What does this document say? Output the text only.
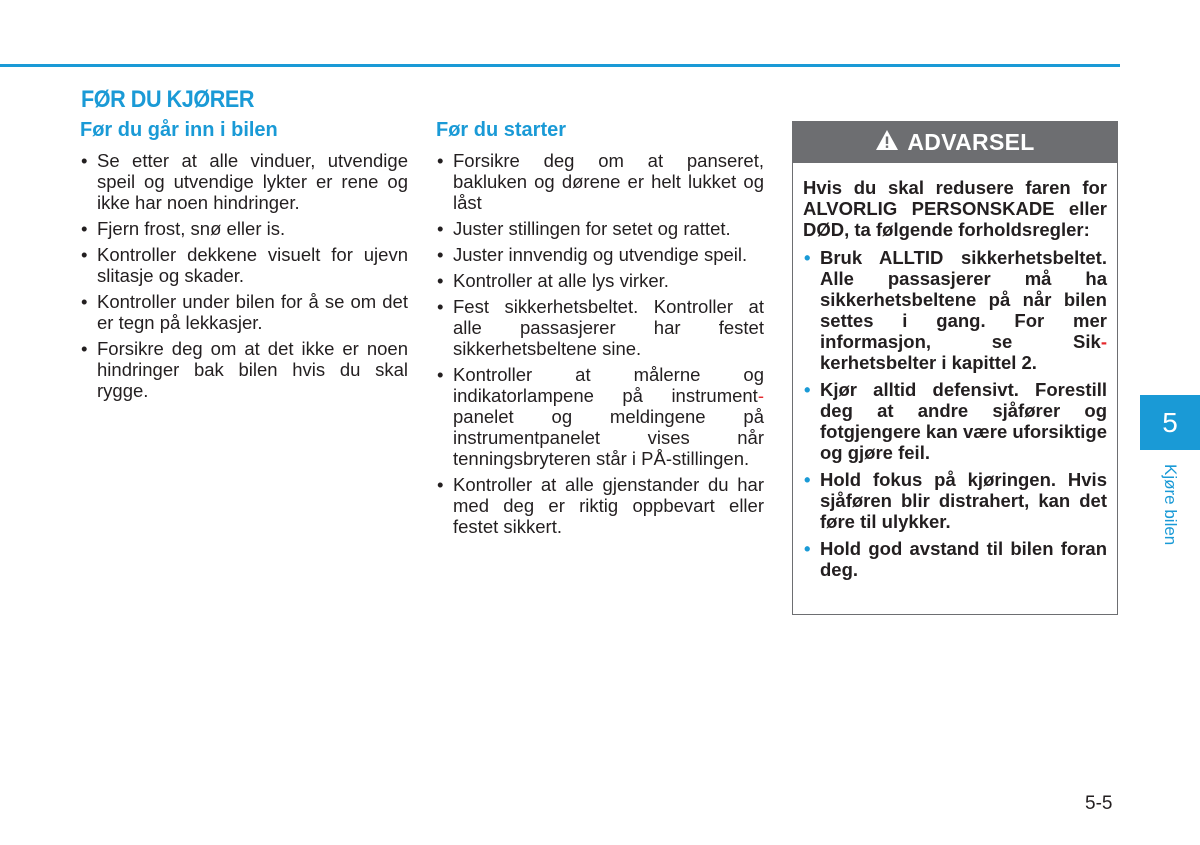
FØR DU KJØRER
Før du går inn i bilen
• Se etter at alle vinduer, utvendige speil og utvendige lykter er rene og ikke har noen hindringer.
• Fjern frost, snø eller is.
• Kontroller dekkene visuelt for ujevn slitasje og skader.
• Kontroller under bilen for å se om det er tegn på lekkasjer.
• Forsikre deg om at det ikke er noen hindringer bak bilen hvis du skal rygge.
Før du starter
• Forsikre deg om at panseret, bakluken og dørene er helt lukket og låst
• Juster stillingen for setet og rattet.
• Juster innvendig og utvendige speil.
• Kontroller at alle lys virker.
• Fest sikkerhetsbeltet. Kontroller at alle passasjerer har festet sikkerhetsbeltene sine.
• Kontroller at målerne og indikatorlampene på instrument-panelet og meldingene på instrumentpanelet vises når tenningsbryteren står i PÅ-stillingen.
• Kontroller at alle gjenstander du har med deg er riktig oppbevart eller festet sikkert.
ADVARSEL

Hvis du skal redusere faren for ALVORLIG PERSONSKADE eller DØD, ta følgende forholdsregler:

• Bruk ALLTID sikkerhetsbeltet. Alle passasjerer må ha sikkerhetsbeltene på når bilen settes i gang. For mer informasjon, se Sik-kerhetsbelter i kapittel 2.
• Kjør alltid defensivt. Forestill deg at andre sjåfører og fotgjengere kan være uforsiktige og gjøre feil.
• Hold fokus på kjøringen. Hvis sjåføren blir distrahert, kan det føre til ulykker.
• Hold god avstand til bilen foran deg.
5
Kjøre bilen
5-5
